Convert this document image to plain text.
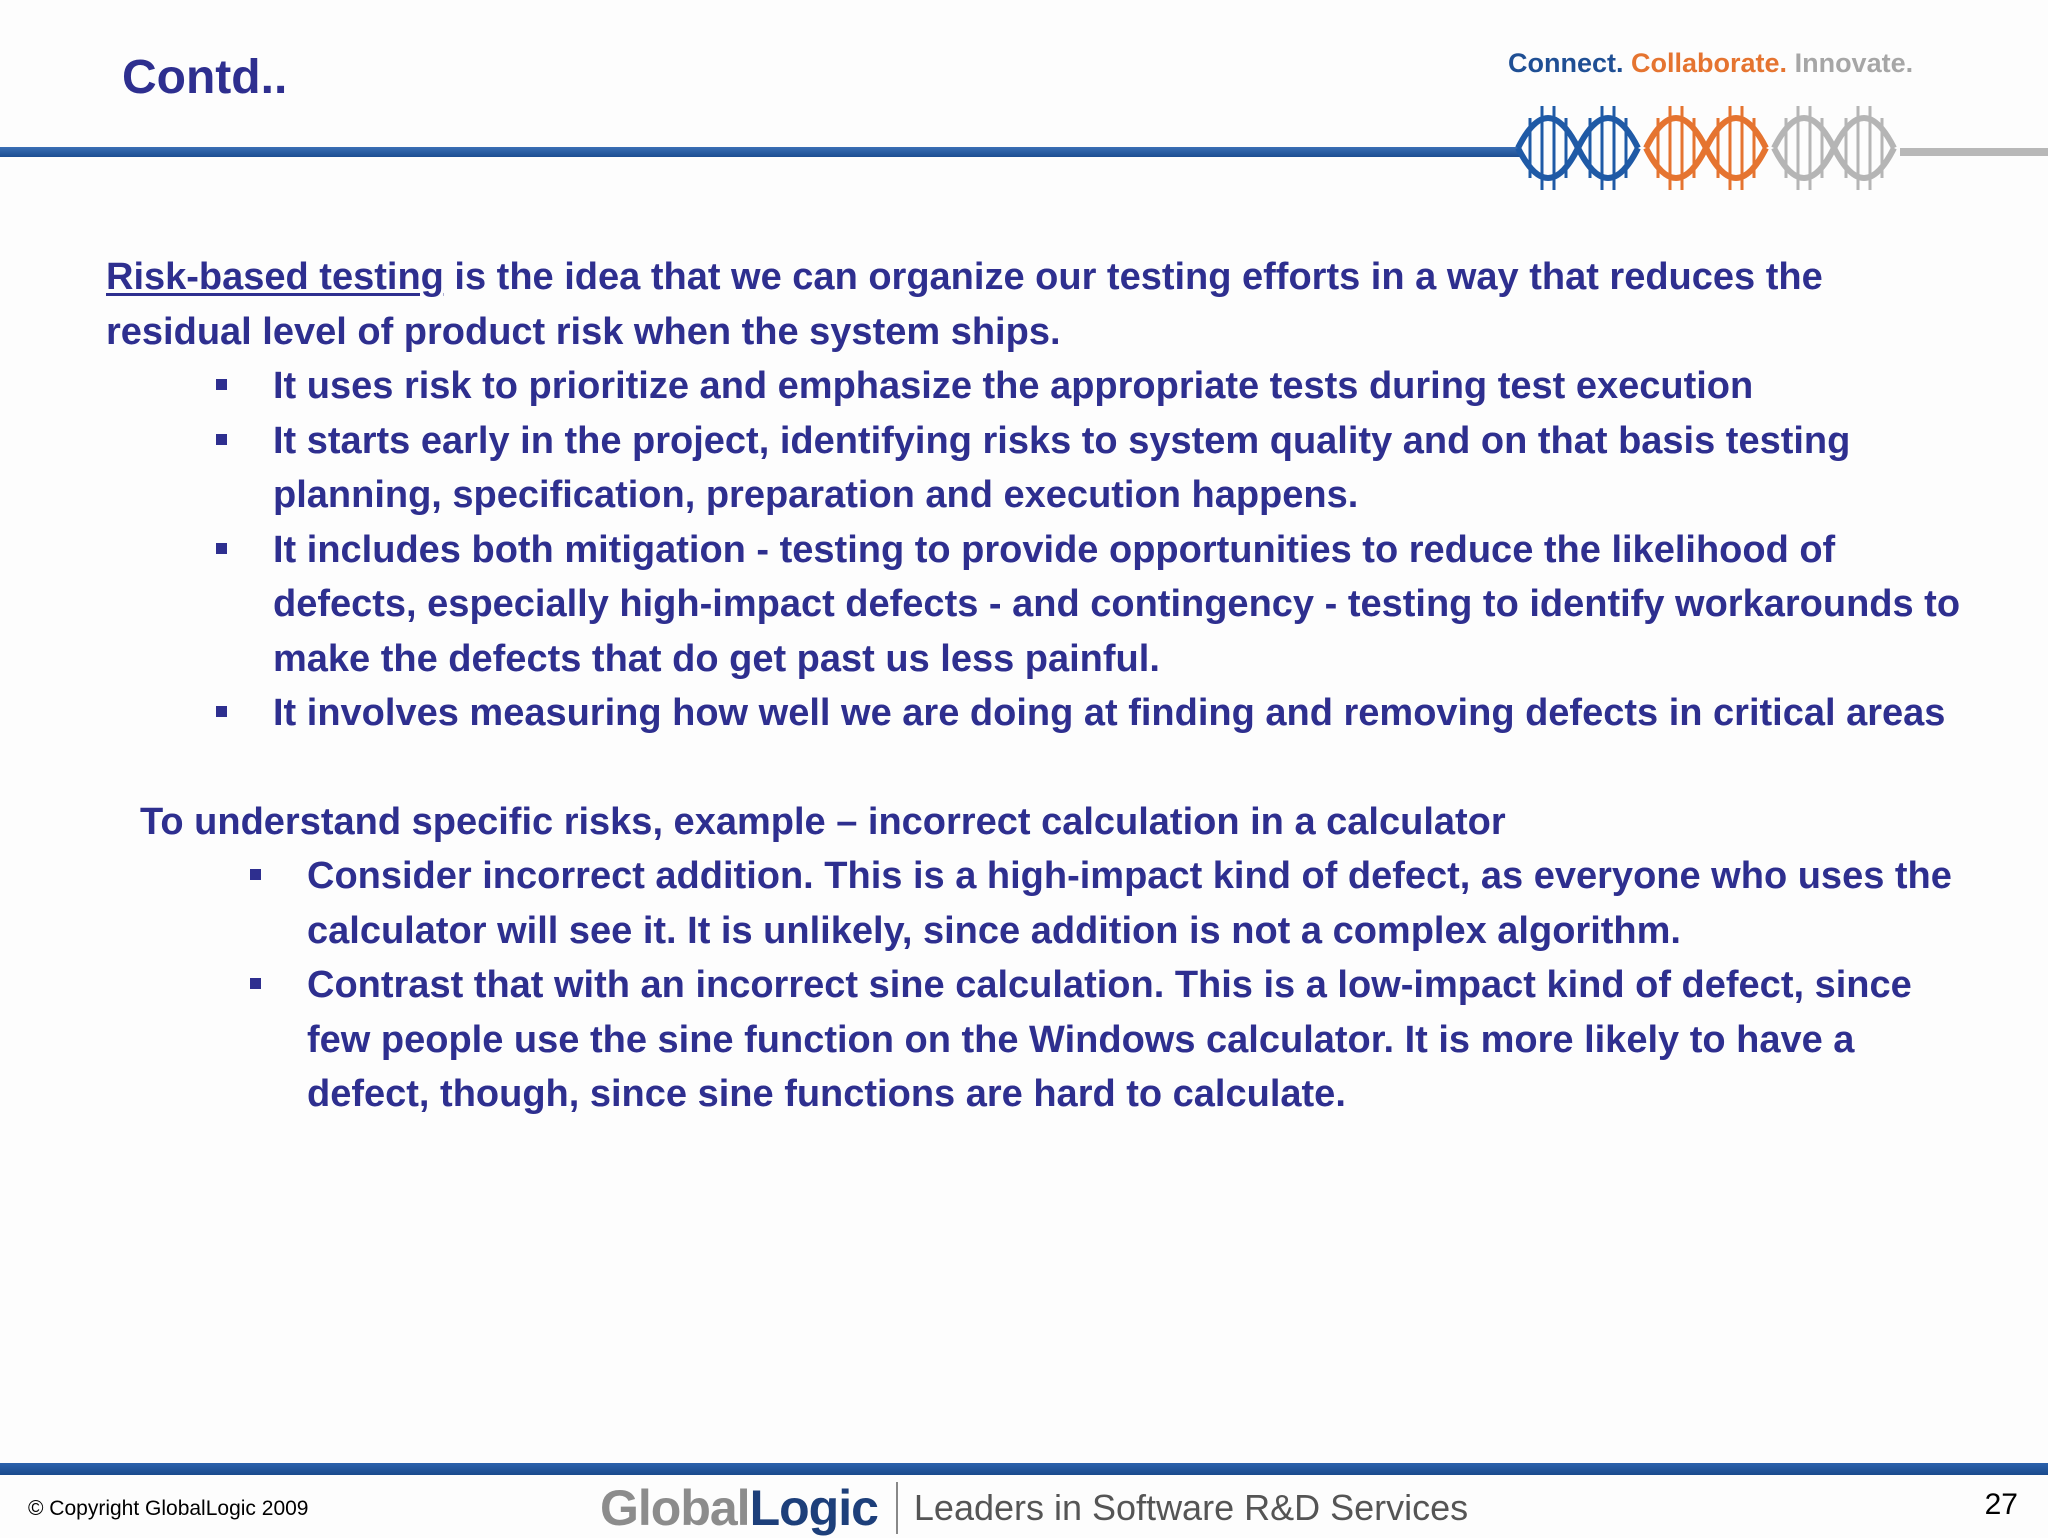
Contd..	Connect. Collaborate. Innovate.

Risk-based testing is the idea that we can organize our testing efforts in a way that reduces the residual level of product risk when the system ships.

It uses risk to prioritize and emphasize the appropriate tests during test execution
It starts early in the project, identifying risks to system quality and on that basis testing planning, specification, preparation and execution happens.
It includes both mitigation - testing to provide opportunities to reduce the likelihood of defects, especially high-impact defects - and contingency - testing to identify workarounds to make the defects that do get past us less painful.
It involves measuring how well we are doing at finding and removing defects in critical areas

To understand specific risks, example – incorrect calculation in a calculator

Consider incorrect addition. This is a high-impact kind of defect, as everyone who uses the calculator will see it. It is unlikely, since addition is not a complex algorithm.
Contrast that with an incorrect sine calculation. This is a low-impact kind of defect, since few people use the sine function on the Windows calculator. It is more likely to have a defect, though, since sine functions are hard to calculate.
© Copyright GlobalLogic 2009	Global Logic Leaders in Software R&D Services	27
